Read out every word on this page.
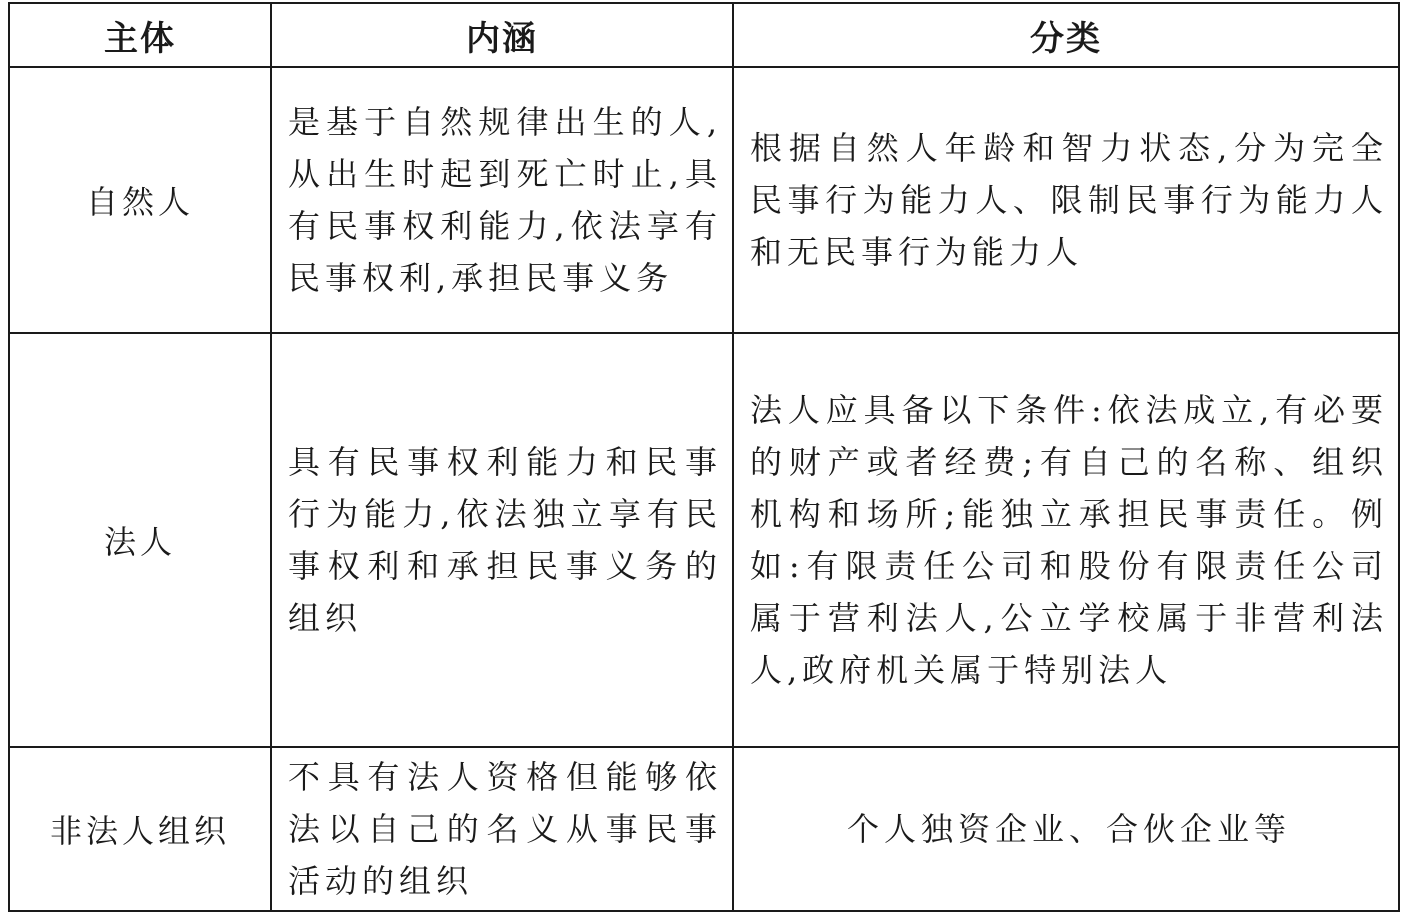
主体	内涵	分类
自然人
是基于自然规律出生的人,从出生时起到死亡时止,具有民事权利能力,依法享有民事权利,承担民事义务
根据自然人年龄和智力状态,分为完全民事行为能力人、限制民事行为能力人和无民事行为能力人
法人
具有民事权利能力和民事行为能力,依法独立享有民事权利和承担民事义务的组织
法人应具备以下条件:依法成立,有必要的财产或者经费;有自己的名称、组织机构和场所;能独立承担民事责任。例如:有限责任公司和股份有限责任公司属于营利法人,公立学校属于非营利法人,政府机关属于特别法人
非法人组织
不具有法人资格但能够依法以自己的名义从事民事活动的组织
个人独资企业、合伙企业等
